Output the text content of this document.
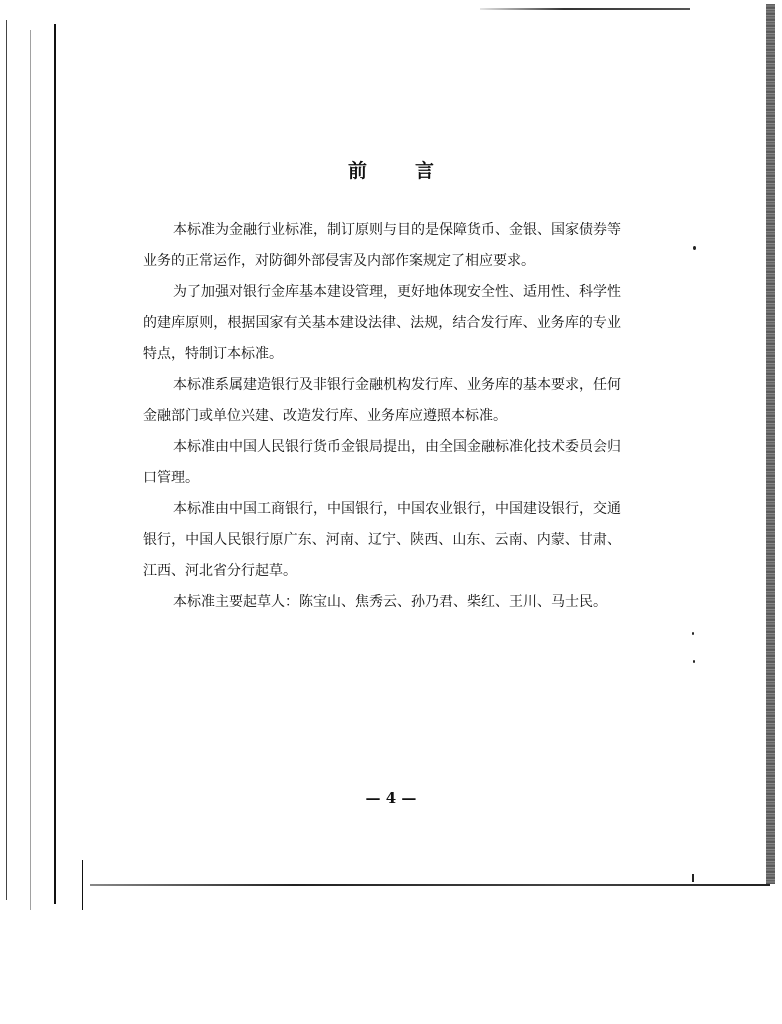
前言

本标准为金融行业标准，制订原则与目的是保障货币、金银、国家债券等业务的正常运作，对防御外部侵害及内部作案规定了相应要求。

为了加强对银行金库基本建设管理，更好地体现安全性、适用性、科学性的建库原则，根据国家有关基本建设法律、法规，结合发行库、业务库的专业特点，特制订本标准。

本标准系属建造银行及非银行金融机构发行库、业务库的基本要求，任何金融部门或单位兴建、改造发行库、业务库应遵照本标准。

本标准由中国人民银行货币金银局提出，由全国金融标准化技术委员会归口管理。

本标准由中国工商银行，中国银行，中国农业银行，中国建设银行，交通银行，中国人民银行原广东、河南、辽宁、陕西、山东、云南、内蒙、甘肃、江西、河北省分行起草。

本标准主要起草人：陈宝山、焦秀云、孙乃君、柴红、王川、马士民。

— 4 —
